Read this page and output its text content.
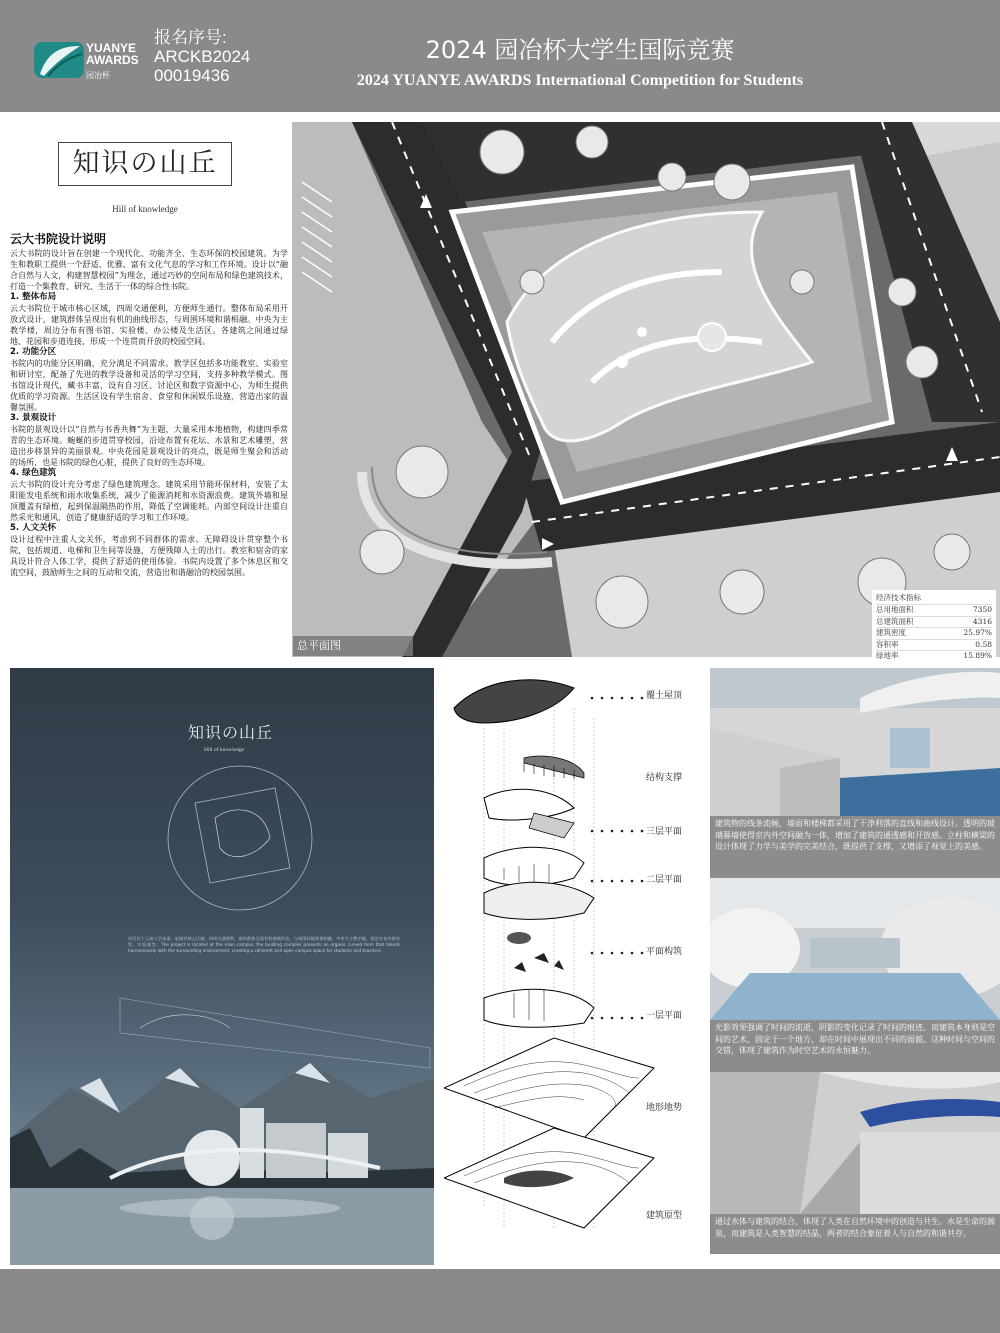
YUANYE
AWARDS
园冶杯
报名序号:
ARCKB2024
00019436
2024 园冶杯大学生国际竞赛
2024 YUANYE AWARDS International Competition for Students
知识の山丘
Hill of knowledge
云大书院设计说明

云大书院的设计旨在创建一个现代化、功能齐全、生态环保的校园建筑。为学生和教职工提供一个舒适、优雅、富有文化气息的学习和工作环境。设计以“融合自然与人文，构建智慧校园”为理念，通过巧妙的空间布局和绿色建筑技术，打造一个集教育、研究、生活于一体的综合性书院。

1. 整体布局

云大书院位于城市核心区域，四周交通便利，方便师生通行。整体布局采用开放式设计，建筑群体呈现出有机的曲线形态，与周围环境和谐相融。中央为主教学楼，周边分布有图书馆、实验楼、办公楼及生活区。各建筑之间通过绿地、花园和步道连接，形成一个连贯而开放的校园空间。

2. 功能分区

书院内的功能分区明确，充分满足不同需求。教学区包括多功能教室、实验室和研讨室，配备了先进的教学设备和灵活的学习空间，支持多种教学模式。图书馆设计现代，藏书丰富，设有自习区、讨论区和数字资源中心，为师生提供优质的学习资源。生活区设有学生宿舍、食堂和休闲娱乐设施，营造出家的温馨氛围。

3. 景观设计

书院的景观设计以“自然与书香共舞”为主题，大量采用本地植物，构建四季常青的生态环境。蜿蜒的步道贯穿校园，沿途布置有花坛、水景和艺术雕塑，营造出步移景异的美丽景观。中央花园是景观设计的亮点，既是师生聚会和活动的场所，也是书院的绿色心脏，提供了良好的生态环境。

4. 绿色建筑

云大书院的设计充分考虑了绿色建筑理念。建筑采用节能环保材料，安装了太阳能发电系统和雨水收集系统，减少了能源消耗和水资源浪费。建筑外墙和屋顶覆盖有绿植，起到保温隔热的作用，降低了空调能耗。内部空间设计注重自然采光和通风，创造了健康舒适的学习和工作环境。

5. 人文关怀

设计过程中注重人文关怀，考虑到不同群体的需求。无障碍设计贯穿整个书院，包括坡道、电梯和卫生间等设施，方便残障人士的出行。教室和宿舍的家具设计符合人体工学，提供了舒适的使用体验。书院内设置了多个休息区和交流空间，鼓励师生之间的互动和交流，营造出和谐融洽的校园氛围。

总平面图
经济技术指标
总用地面积	7350
总建筑面积	4316
建筑密度	25.97%
容积率	0.58
绿地率	15.89%
知识の山丘
Hill of knowledge
项目位于云南大学本部，是城市核心区域，四周交通便利，建筑群体呈现有机曲线形态，与周围环境和谐相融。中央为主教学楼，周边分布有图书馆、实验楼等。The project is located at the main campus, the building complex presents an organic curved form that blends harmoniously with the surrounding environment, creating a coherent and open campus space for students and teachers.
覆土屋顶
结构支撑
三层平面
二层平面
平面构筑
一层平面
地形地势
建筑原型
建筑物的线条流畅，墙面和楼梯都采用了干净利落的直线和曲线设计。透明的玻璃幕墙使得室内外空间融为一体，增加了建筑的通透感和开放感。立柱和横梁的设计体现了力学与美学的完美结合，既提供了支撑，又增添了视觉上的美感。
光影效果强调了时间的流逝，阴影的变化记录了时间的痕迹。而建筑本身则是空间的艺术，固定于一个地方，却在时间中展现出不同的面貌。这种时间与空间的交错，体现了建筑作为时空艺术的永恒魅力。
通过水体与建筑的结合，体现了人类在自然环境中的创造与共生。水是生命的源泉，而建筑是人类智慧的结晶，两者的结合象征着人与自然的和谐共存。
